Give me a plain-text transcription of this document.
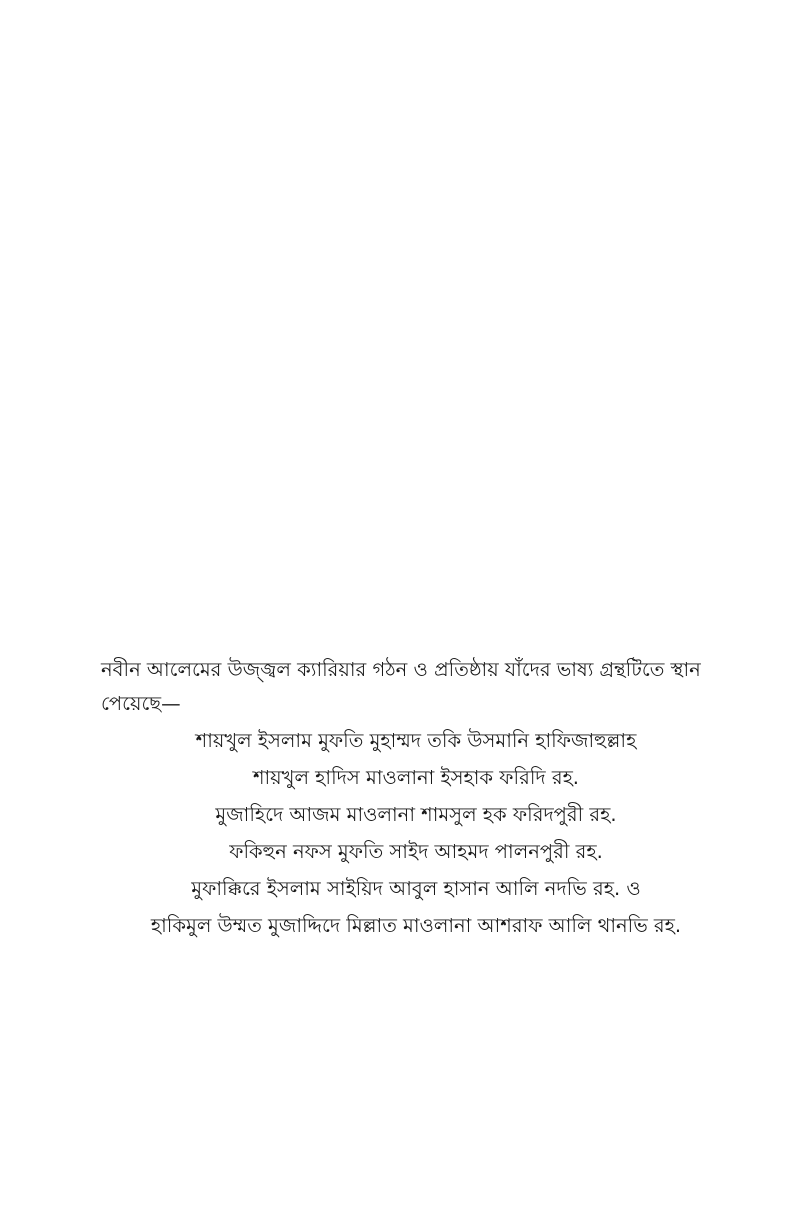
নবীন আলেমের উজ্জ্বল ক্যারিয়ার গঠন ও প্রতিষ্ঠায় যাঁদের ভাষ্য গ্রন্থটিতে স্থান পেয়েছে—

শায়খুল ইসলাম মুফতি মুহাম্মদ তকি উসমানি হাফিজাহুল্লাহ
শায়খুল হাদিস মাওলানা ইসহাক ফরিদি রহ.
মুজাহিদে আজম মাওলানা শামসুল হক ফরিদপুরী রহ.
ফকিহুন নফস মুফতি সাইদ আহমদ পালনপুরী রহ.
মুফাক্কিরে ইসলাম সাইয়িদ আবুল হাসান আলি নদভি রহ. ও
হাকিমুল উম্মত মুজাদ্দিদে মিল্লাত মাওলানা আশরাফ আলি থানভি রহ.
